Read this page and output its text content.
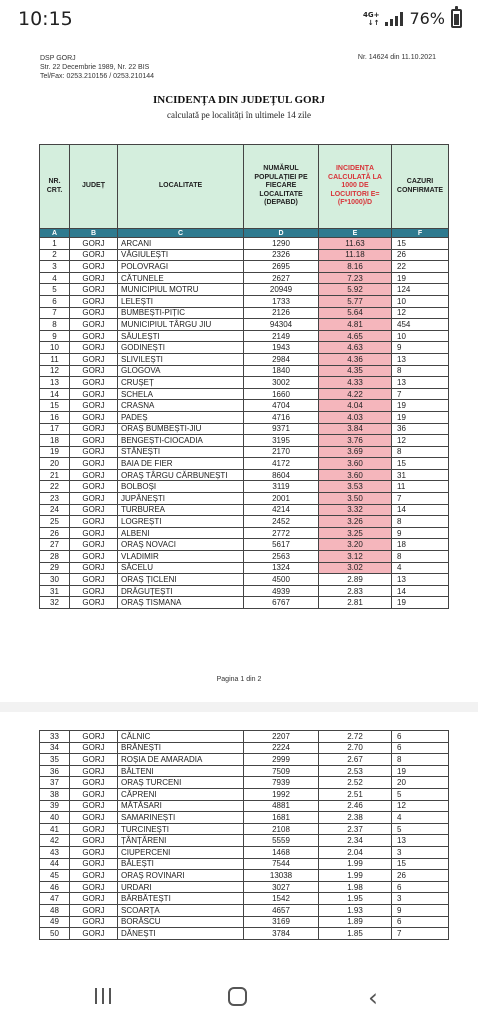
10:15	4G+
↓↑ 76%
DSP GORJ
Str. 22 Decembrie 1989, Nr. 22 BIS
Tel/Fax: 0253.210156 / 0253.210144
Nr. 14624 din 11.10.2021
INCIDENȚA DIN JUDEȚUL GORJ
calculată pe localități în ultimele 14 zile
NR. CRT.	JUDEȚ	LOCALITATE	NUMĂRUL POPULAȚIEI PE FIECARE LOCALITATE (DEPABD)	INCIDENȚA CALCULATĂ LA 1000 DE LOCUITORI E=(F*1000)/D	CAZURI CONFIRMATE
A	B	C	D	E	F
1	GORJ	ARCANI	1290	11.63	15
2	GORJ	VĂGIULEȘTI	2326	11.18	26
3	GORJ	POLOVRAGI	2695	8.16	22
4	GORJ	CĂTUNELE	2627	7.23	19
5	GORJ	MUNICIPIUL MOTRU	20949	5.92	124
6	GORJ	LELEȘTI	1733	5.77	10
7	GORJ	BUMBEȘTI-PIȚIC	2126	5.64	12
8	GORJ	MUNICIPIUL TÂRGU JIU	94304	4.81	454
9	GORJ	SĂULEȘTI	2149	4.65	10
10	GORJ	GODINEȘTI	1943	4.63	9
11	GORJ	SLIVILEȘTI	2984	4.36	13
12	GORJ	GLOGOVA	1840	4.35	8
13	GORJ	CRUȘEȚ	3002	4.33	13
14	GORJ	SCHELA	1660	4.22	7
15	GORJ	CRASNA	4704	4.04	19
16	GORJ	PADEȘ	4716	4.03	19
17	GORJ	ORAȘ BUMBEȘTI-JIU	9371	3.84	36
18	GORJ	BENGEȘTI-CIOCADIA	3195	3.76	12
19	GORJ	STĂNEȘTI	2170	3.69	8
20	GORJ	BAIA DE FIER	4172	3.60	15
21	GORJ	ORAȘ TÂRGU CĂRBUNEȘTI	8604	3.60	31
22	GORJ	BOLBOȘI	3119	3.53	11
23	GORJ	JUPÂNEȘTI	2001	3.50	7
24	GORJ	TURBUREA	4214	3.32	14
25	GORJ	LOGREȘTI	2452	3.26	8
26	GORJ	ALBENI	2772	3.25	9
27	GORJ	ORAȘ NOVACI	5617	3.20	18
28	GORJ	VLADIMIR	2563	3.12	8
29	GORJ	SĂCELU	1324	3.02	4
30	GORJ	ORAȘ ȚICLENI	4500	2.89	13
31	GORJ	DRĂGUȚEȘTI	4939	2.83	14
32	GORJ	ORAȘ TISMANA	6767	2.81	19
Pagina 1 din 2
33	GORJ	CĂLNIC	2207	2.72	6
34	GORJ	BRĂNEȘTI	2224	2.70	6
35	GORJ	ROȘIA DE AMARADIA	2999	2.67	8
36	GORJ	BĂLTENI	7509	2.53	19
37	GORJ	ORAȘ TURCENI	7939	2.52	20
38	GORJ	CĂPRENI	1992	2.51	5
39	GORJ	MĂTĂSARI	4881	2.46	12
40	GORJ	SAMARINEȘTI	1681	2.38	4
41	GORJ	TURCINEȘTI	2108	2.37	5
42	GORJ	ȚÂNȚĂRENI	5559	2.34	13
43	GORJ	CIUPERCENI	1468	2.04	3
44	GORJ	BĂLEȘTI	7544	1.99	15
45	GORJ	ORAȘ ROVINARI	13038	1.99	26
46	GORJ	URDARI	3027	1.98	6
47	GORJ	BĂRBĂTEȘTI	1542	1.95	3
48	GORJ	SCOARȚA	4657	1.93	9
49	GORJ	BORĂSCU	3169	1.89	6
50	GORJ	DĂNEȘTI	3784	1.85	7
‹
